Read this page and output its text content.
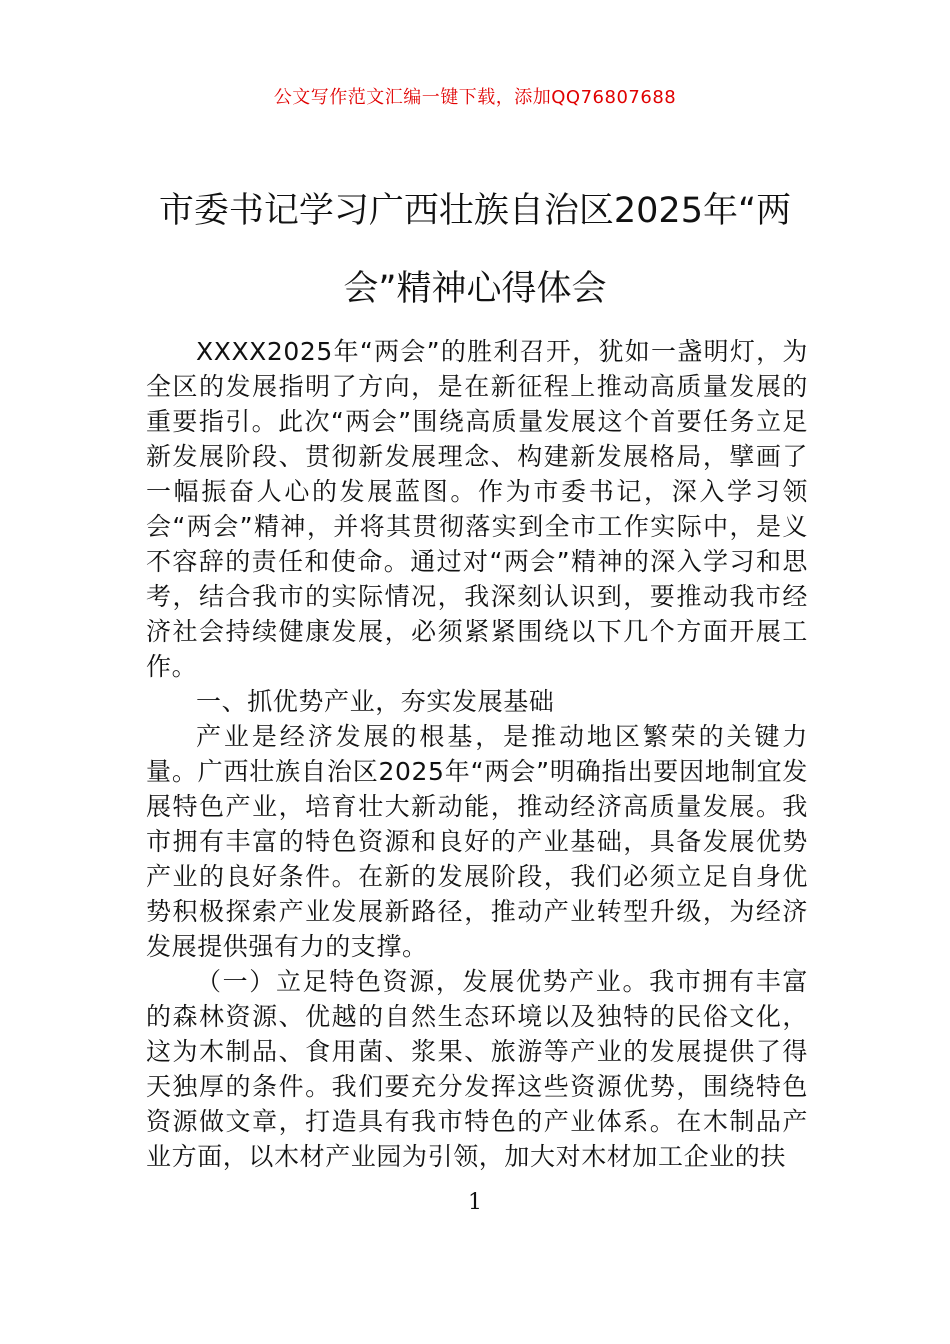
公文写作范文汇编一键下载，添加QQ76807688
市委书记学习广西壮族自治区2025年“两会”精神心得体会

XXXX2025年“两会”的胜利召开，犹如一盏明灯，为全区的发展指明了方向，是在新征程上推动高质量发展的重要指引。此次“两会”围绕高质量发展这个首要任务立足新发展阶段、贯彻新发展理念、构建新发展格局，擘画了一幅振奋人心的发展蓝图。作为市委书记，深入学习领会“两会”精神，并将其贯彻落实到全市工作实际中，是义不容辞的责任和使命。通过对“两会”精神的深入学习和思考，结合我市的实际情况，我深刻认识到，要推动我市经济社会持续健康发展，必须紧紧围绕以下几个方面开展工作。

一、抓优势产业，夯实发展基础

产业是经济发展的根基，是推动地区繁荣的关键力量。广西壮族自治区2025年“两会”明确指出要因地制宜发展特色产业，培育壮大新动能，推动经济高质量发展。我市拥有丰富的特色资源和良好的产业基础，具备发展优势产业的良好条件。在新的发展阶段，我们必须立足自身优势积极探索产业发展新路径，推动产业转型升级，为经济发展提供强有力的支撑。

（一）立足特色资源，发展优势产业。我市拥有丰富的森林资源、优越的自然生态环境以及独特的民俗文化，这为木制品、食用菌、浆果、旅游等产业的发展提供了得天独厚的条件。我们要充分发挥这些资源优势，围绕特色资源做文章，打造具有我市特色的产业体系。在木制品产业方面，以木材产业园为引领，加大对木材加工企业的扶

1
